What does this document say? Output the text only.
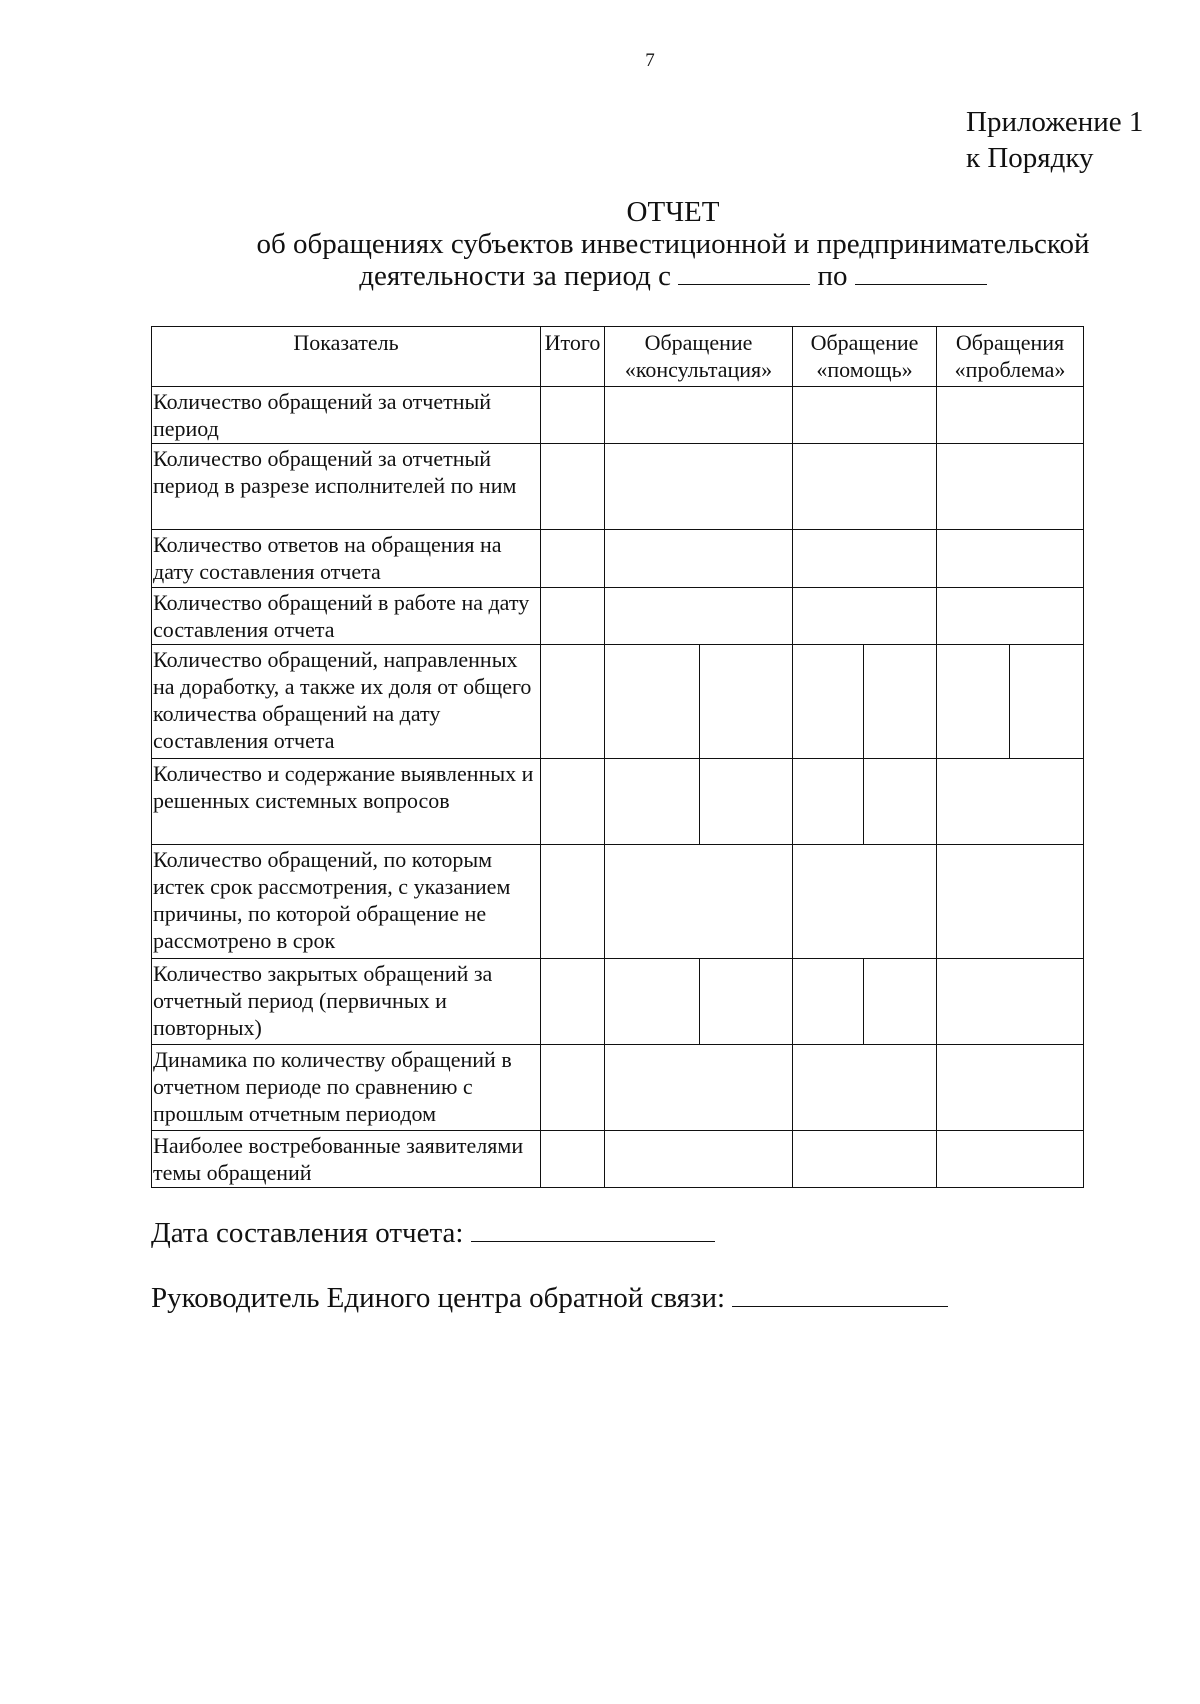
7
Приложение 1
к Порядку
ОТЧЕТ
об обращениях субъектов инвестиционной и предпринимательской
деятельности за период с	по
Показатель	Итого	Обращение «консультация»		Обращение «помощь»		Обращения «проблема»	
Количество обращений за отчетный период							
Количество обращений за отчетный период в разрезе исполнителей по ним							
Количество ответов на обращения на дату составления отчета							
Количество обращений в работе на дату составления отчета							
Количество обращений, направленных на доработку, а также их доля от общего количества обращений на дату составления отчета							
Количество и содержание выявленных и решенных системных вопросов							
Количество обращений, по которым истек срок рассмотрения, с указанием причины, по которой обращение не рассмотрено в срок							
Количество закрытых обращений за отчетный период (первичных и повторных)							
Динамика по количеству обращений в отчетном периоде по сравнению с прошлым отчетным периодом							
Наиболее востребованные заявителями темы обращений							
Дата составления отчета:
Руководитель Единого центра обратной связи:
